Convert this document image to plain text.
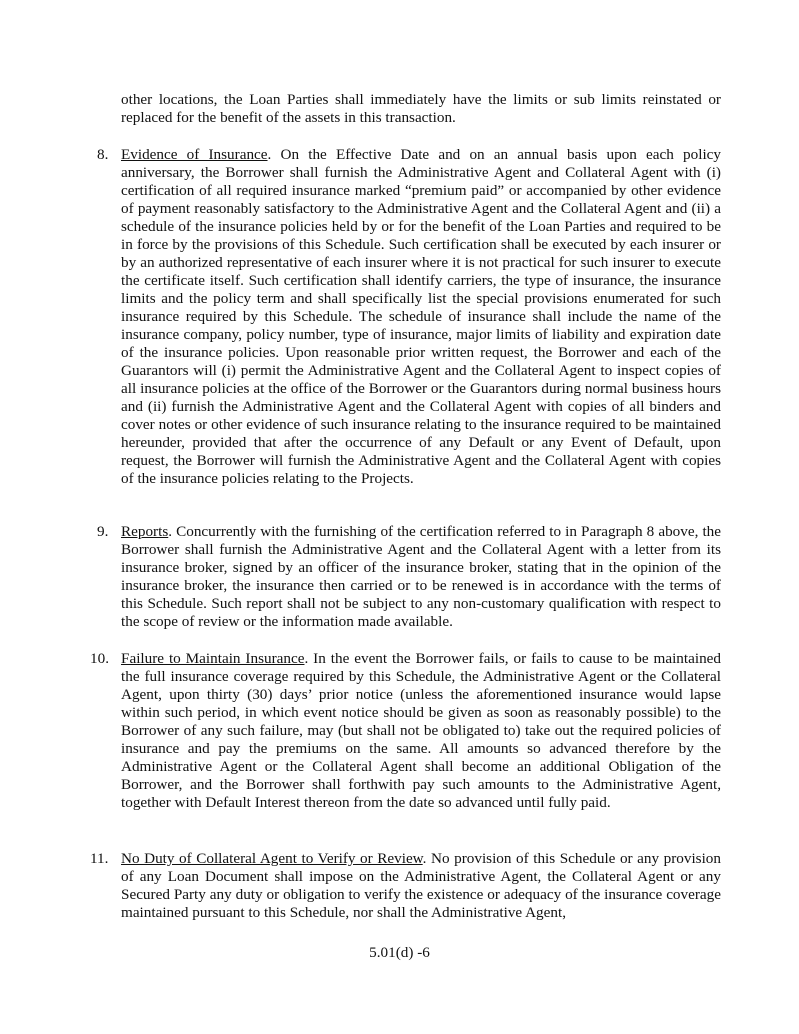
other locations, the Loan Parties shall immediately have the limits or sub limits reinstated or replaced for the benefit of the assets in this transaction.

8. Evidence of Insurance. On the Effective Date and on an annual basis upon each policy anniversary, the Borrower shall furnish the Administrative Agent and Collateral Agent with (i) certification of all required insurance marked “premium paid” or accompanied by other evidence of payment reasonably satisfactory to the Administrative Agent and the Collateral Agent and (ii) a schedule of the insurance policies held by or for the benefit of the Loan Parties and required to be in force by the provisions of this Schedule. Such certification shall be executed by each insurer or by an authorized representative of each insurer where it is not practical for such insurer to execute the certificate itself. Such certification shall identify carriers, the type of insurance, the insurance limits and the policy term and shall specifically list the special provisions enumerated for such insurance required by this Schedule. The schedule of insurance shall include the name of the insurance company, policy number, type of insurance, major limits of liability and expiration date of the insurance policies. Upon reasonable prior written request, the Borrower and each of the Guarantors will (i) permit the Administrative Agent and the Collateral Agent to inspect copies of all insurance policies at the office of the Borrower or the Guarantors during normal business hours and (ii) furnish the Administrative Agent and the Collateral Agent with copies of all binders and cover notes or other evidence of such insurance relating to the insurance required to be maintained hereunder, provided that after the occurrence of any Default or any Event of Default, upon request, the Borrower will furnish the Administrative Agent and the Collateral Agent with copies of the insurance policies relating to the Projects.

9. Reports. Concurrently with the furnishing of the certification referred to in Paragraph 8 above, the Borrower shall furnish the Administrative Agent and the Collateral Agent with a letter from its insurance broker, signed by an officer of the insurance broker, stating that in the opinion of the insurance broker, the insurance then carried or to be renewed is in accordance with the terms of this Schedule. Such report shall not be subject to any non-customary qualification with respect to the scope of review or the information made available.

10. Failure to Maintain Insurance. In the event the Borrower fails, or fails to cause to be maintained the full insurance coverage required by this Schedule, the Administrative Agent or the Collateral Agent, upon thirty (30) days’ prior notice (unless the aforementioned insurance would lapse within such period, in which event notice should be given as soon as reasonably possible) to the Borrower of any such failure, may (but shall not be obligated to) take out the required policies of insurance and pay the premiums on the same. All amounts so advanced therefore by the Administrative Agent or the Collateral Agent shall become an additional Obligation of the Borrower, and the Borrower shall forthwith pay such amounts to the Administrative Agent, together with Default Interest thereon from the date so advanced until fully paid.

11. No Duty of Collateral Agent to Verify or Review. No provision of this Schedule or any provision of any Loan Document shall impose on the Administrative Agent, the Collateral Agent or any Secured Party any duty or obligation to verify the existence or adequacy of the insurance coverage maintained pursuant to this Schedule, nor shall the Administrative Agent,

5.01(d) -6
